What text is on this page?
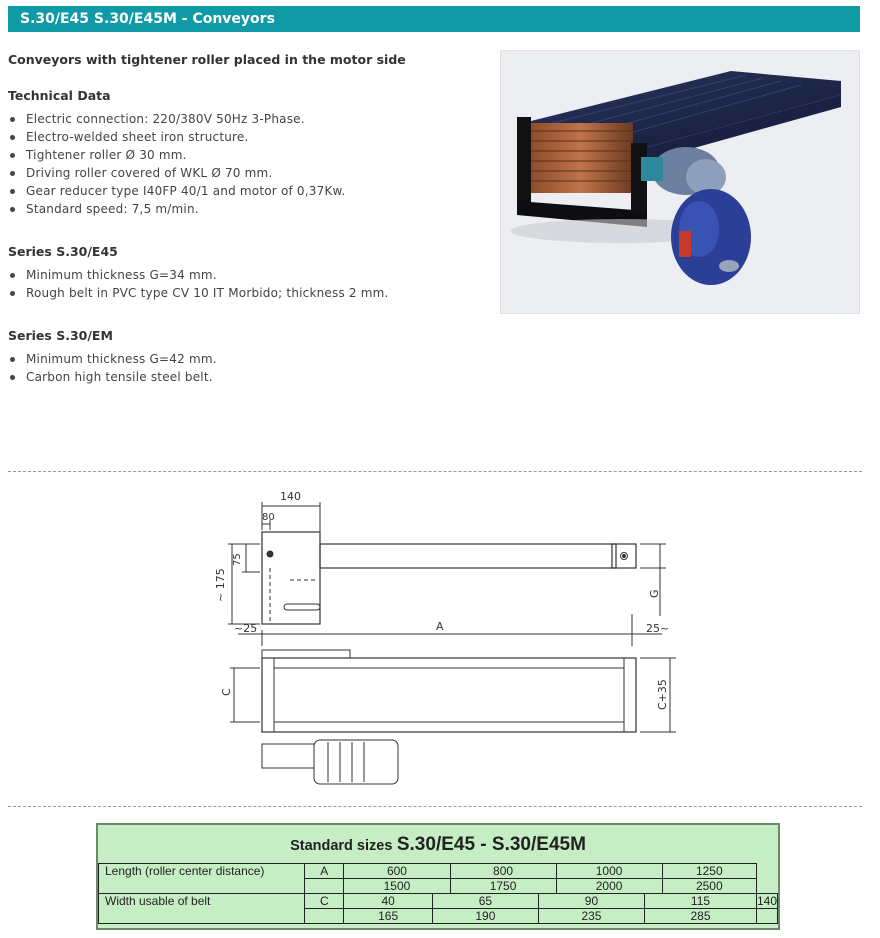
S.30/E45 S.30/E45M - Conveyors
Conveyors with tightener roller placed in the motor side
Technical Data
Electric connection: 220/380V 50Hz 3-Phase.
Electro-welded sheet iron structure.
Tightener roller Ø 30 mm.
Driving roller covered of WKL Ø 70 mm.
Gear reducer type I40FP 40/1 and motor of 0,37Kw.
Standard speed: 7,5 m/min.
Series S.30/E45
Minimum thickness G=34 mm.
Rough belt in PVC type CV 10 IT Morbido; thickness 2 mm.
Series S.30/EM
Minimum thickness G=42 mm.
Carbon high tensile steel belt.
140
80
~ 175
75
G
~25	A	25~
C	C+35
Standard sizes S.30/E45 - S.30/E45M
Length (roller center distance)	A	600		800		1000		1250	
		1500		1750		2000		2500	
Width usable of belt	C	40	65		90		115		140
		165	190		235		285		
